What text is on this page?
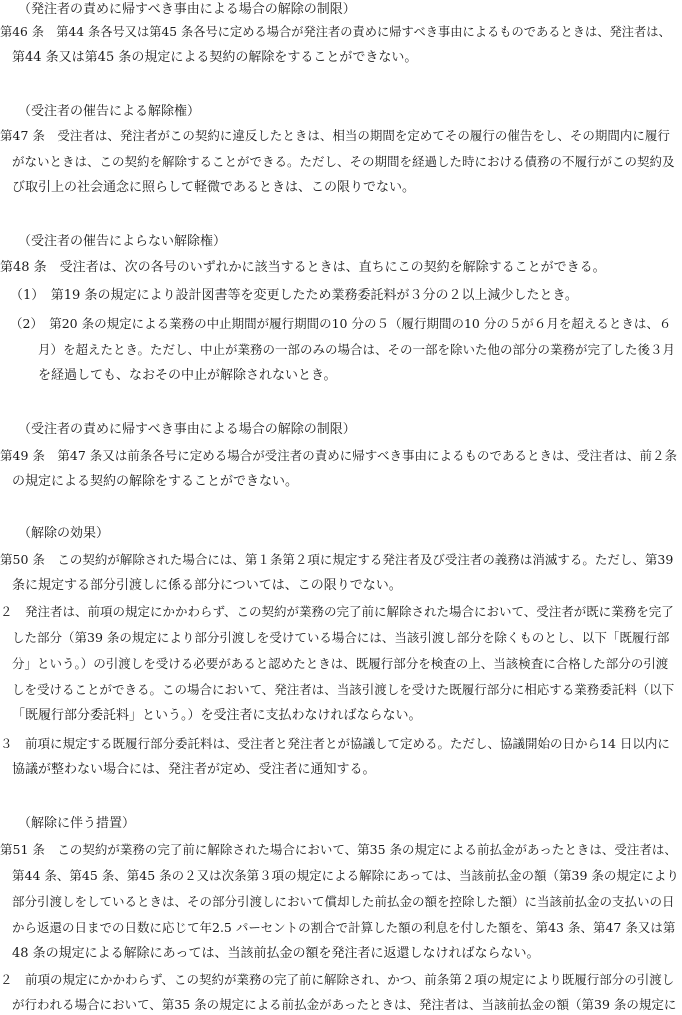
（発注者の責めに帰すべき事由による場合の解除の制限）
第46 条　第44 条各号又は第45 条各号に定める場合が発注者の責めに帰すべき事由によるものであるときは、発注者は、
第44 条又は第45 条の規定による契約の解除をすることができない。
（受注者の催告による解除権）
第47 条　受注者は、発注者がこの契約に違反したときは、相当の期間を定めてその履行の催告をし、その期間内に履行
がないときは、この契約を解除することができる。ただし、その期間を経過した時における債務の不履行がこの契約及
び取引上の社会通念に照らして軽微であるときは、この限りでない。
（受注者の催告によらない解除権）
第48 条　受注者は、次の各号のいずれかに該当するときは、直ちにこの契約を解除することができる。
（1）　第19 条の規定により設計図書等を変更したため業務委託料が３分の２以上減少したとき。
（2）　第20 条の規定による業務の中止期間が履行期間の10 分の５（履行期間の10 分の５が６月を超えるときは、６
月）を超えたとき。ただし、中止が業務の一部のみの場合は、その一部を除いた他の部分の業務が完了した後３月
を経過しても、なおその中止が解除されないとき。
（受注者の責めに帰すべき事由による場合の解除の制限）
第49 条　第47 条又は前条各号に定める場合が受注者の責めに帰すべき事由によるものであるときは、受注者は、前２条
の規定による契約の解除をすることができない。
（解除の効果）
第50 条　この契約が解除された場合には、第１条第２項に規定する発注者及び受注者の義務は消滅する。ただし、第39
条に規定する部分引渡しに係る部分については、この限りでない。
２　発注者は、前項の規定にかかわらず、この契約が業務の完了前に解除された場合において、受注者が既に業務を完了
した部分（第39 条の規定により部分引渡しを受けている場合には、当該引渡し部分を除くものとし、以下「既履行部
分」という。）の引渡しを受ける必要があると認めたときは、既履行部分を検査の上、当該検査に合格した部分の引渡
しを受けることができる。この場合において、発注者は、当該引渡しを受けた既履行部分に相応する業務委託料（以下
「既履行部分委託料」という。）を受注者に支払わなければならない。
３　前項に規定する既履行部分委託料は、受注者と発注者とが協議して定める。ただし、協議開始の日から14 日以内に
協議が整わない場合には、発注者が定め、受注者に通知する。
（解除に伴う措置）
第51 条　この契約が業務の完了前に解除された場合において、第35 条の規定による前払金があったときは、受注者は、
第44 条、第45 条、第45 条の２又は次条第３項の規定による解除にあっては、当該前払金の額（第39 条の規定により
部分引渡しをしているときは、その部分引渡しにおいて償却した前払金の額を控除した額）に当該前払金の支払いの日
から返還の日までの日数に応じて年2.5 パーセントの割合で計算した額の利息を付した額を、第43 条、第47 条又は第
48 条の規定による解除にあっては、当該前払金の額を発注者に返還しなければならない。
２　前項の規定にかかわらず、この契約が業務の完了前に解除され、かつ、前条第２項の規定により既履行部分の引渡し
が行われる場合において、第35 条の規定による前払金があったときは、発注者は、当該前払金の額（第39 条の規定に
